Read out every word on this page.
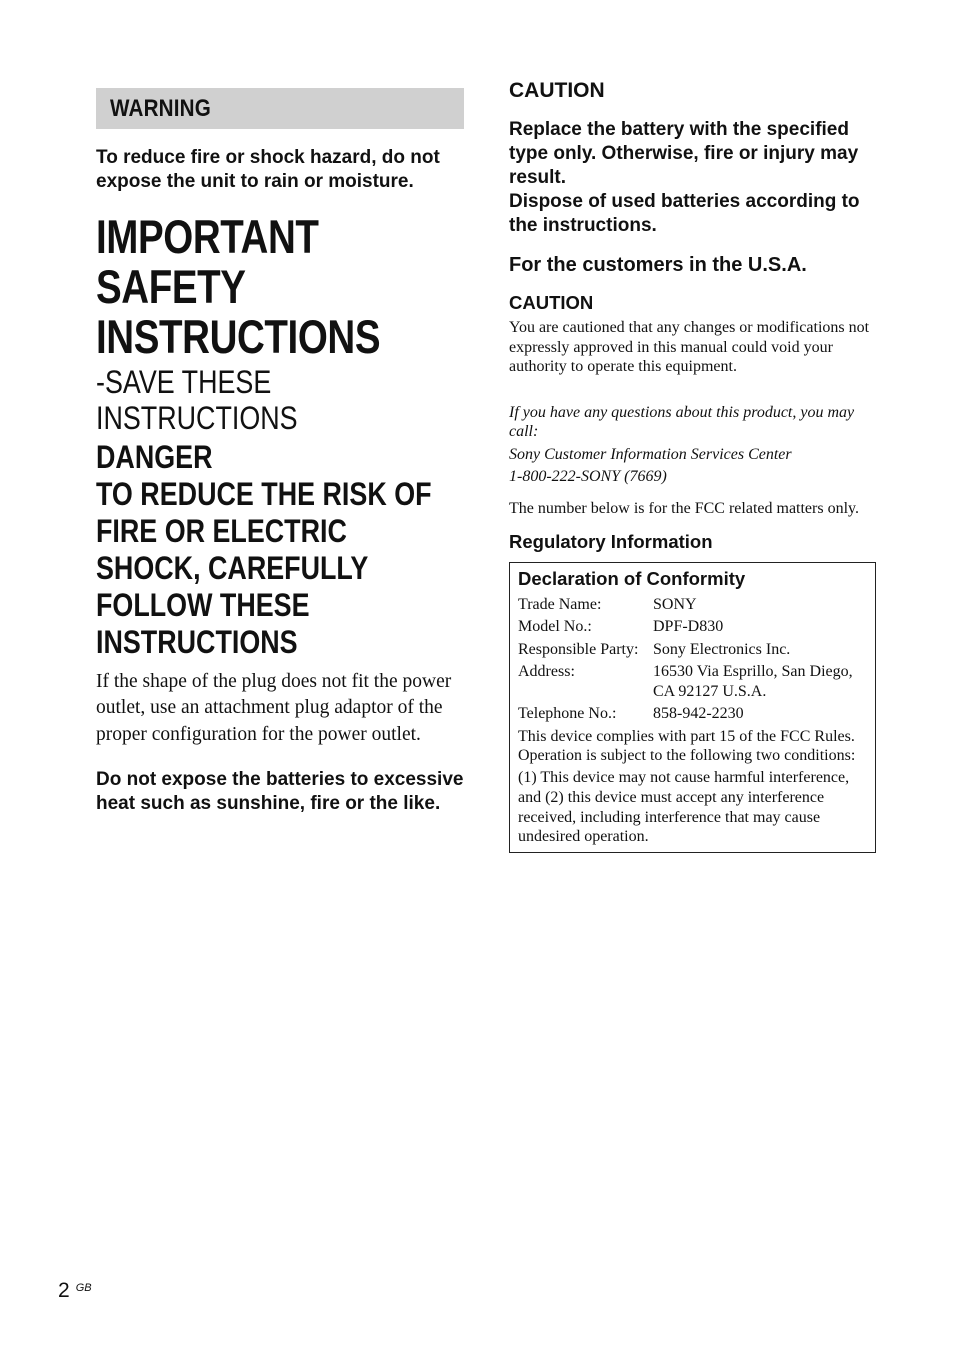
WARNING
To reduce fire or shock hazard, do not expose the unit to rain or moisture.
IMPORTANT
SAFETY
INSTRUCTIONS
-SAVE THESE
INSTRUCTIONS
DANGER
TO REDUCE THE RISK OF
FIRE OR ELECTRIC
SHOCK, CAREFULLY
FOLLOW THESE
INSTRUCTIONS
If the shape of the plug does not fit the power outlet, use an attachment plug adaptor of the proper configuration for the power outlet.
Do not expose the batteries to excessive heat such as sunshine, fire or the like.
CAUTION
Replace the battery with the specified type only. Otherwise, fire or injury may result.
Dispose of used batteries according to the instructions.
For the customers in the U.S.A.
CAUTION
You are cautioned that any changes or modifications not expressly approved in this manual could void your authority to operate this equipment.
If you have any questions about this product, you may call:
Sony Customer Information Services Center
1-800-222-SONY (7669)
The number below is for the FCC related matters only.
Regulatory Information
Declaration of Conformity
Trade Name:	SONY
Model No.:	DPF-D830
Responsible Party: Sony Electronics Inc.
Address:	16530 Via Esprillo, San Diego, CA 92127 U.S.A.
Telephone No.:	858-942-2230
This device complies with part 15 of the FCC Rules. Operation is subject to the following two conditions:
(1) This device may not cause harmful interference, and (2) this device must accept any interference received, including interference that may cause undesired operation.
2 GB
